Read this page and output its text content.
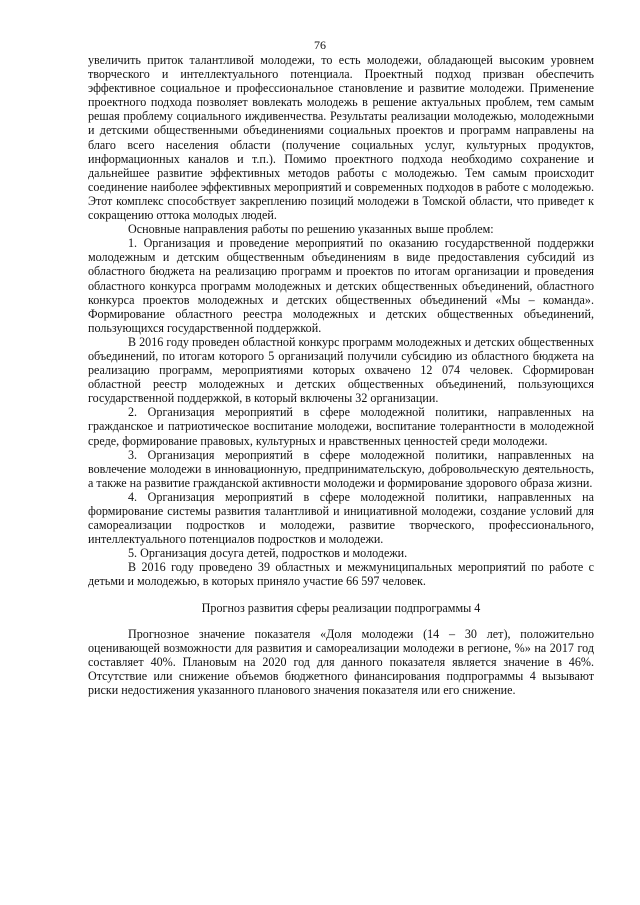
76

увеличить приток талантливой молодежи, то есть молодежи, обладающей высоким уровнем творческого и интеллектуального потенциала. Проектный подход призван обеспечить эффективное социальное и профессиональное становление и развитие молодежи. Применение проектного подхода позволяет вовлекать молодежь в решение актуальных проблем, тем самым решая проблему социального иждивенчества. Результаты реализации молодежью, молодежными и детскими общественными объединениями социальных проектов и программ направлены на благо всего населения области (получение социальных услуг, культурных продуктов, информационных каналов и т.п.). Помимо проектного подхода необходимо сохранение и дальнейшее развитие эффективных методов работы с молодежью. Тем самым происходит соединение наиболее эффективных мероприятий и современных подходов в работе с молодежью. Этот комплекс способствует закреплению позиций молодежи в Томской области, что приведет к сокращению оттока молодых людей.

Основные направления работы по решению указанных выше проблем:

1. Организация и проведение мероприятий по оказанию государственной поддержки молодежным и детским общественным объединениям в виде предоставления субсидий из областного бюджета на реализацию программ и проектов по итогам организации и проведения областного конкурса программ молодежных и детских общественных объединений, областного конкурса проектов молодежных и детских общественных объединений «Мы – команда». Формирование областного реестра молодежных и детских общественных объединений, пользующихся государственной поддержкой.

В 2016 году проведен областной конкурс программ молодежных и детских общественных объединений, по итогам которого 5 организаций получили субсидию из областного бюджета на реализацию программ, мероприятиями которых охвачено 12 074 человек. Сформирован областной реестр молодежных и детских общественных объединений, пользующихся государственной поддержкой, в который включены 32 организации.

2. Организация мероприятий в сфере молодежной политики, направленных на гражданское и патриотическое воспитание молодежи, воспитание толерантности в молодежной среде, формирование правовых, культурных и нравственных ценностей среди молодежи.

3. Организация мероприятий в сфере молодежной политики, направленных на вовлечение молодежи в инновационную, предпринимательскую, добровольческую деятельность, а также на развитие гражданской активности молодежи и формирование здорового образа жизни.

4. Организация мероприятий в сфере молодежной политики, направленных на формирование системы развития талантливой и инициативной молодежи, создание условий для самореализации подростков и молодежи, развитие творческого, профессионального, интеллектуального потенциалов подростков и молодежи.

5. Организация досуга детей, подростков и молодежи.

В 2016 году проведено 39 областных и межмуниципальных мероприятий по работе с детьми и молодежью, в которых приняло участие 66 597 человек.

Прогноз развития сферы реализации подпрограммы 4

Прогнозное значение показателя «Доля молодежи (14 – 30 лет), положительно оценивающей возможности для развития и самореализации молодежи в регионе, %» на 2017 год составляет 40%. Плановым на 2020 год для данного показателя является значение в 46%. Отсутствие или снижение объемов бюджетного финансирования подпрограммы 4 вызывают риски недостижения указанного планового значения показателя или его снижение.
